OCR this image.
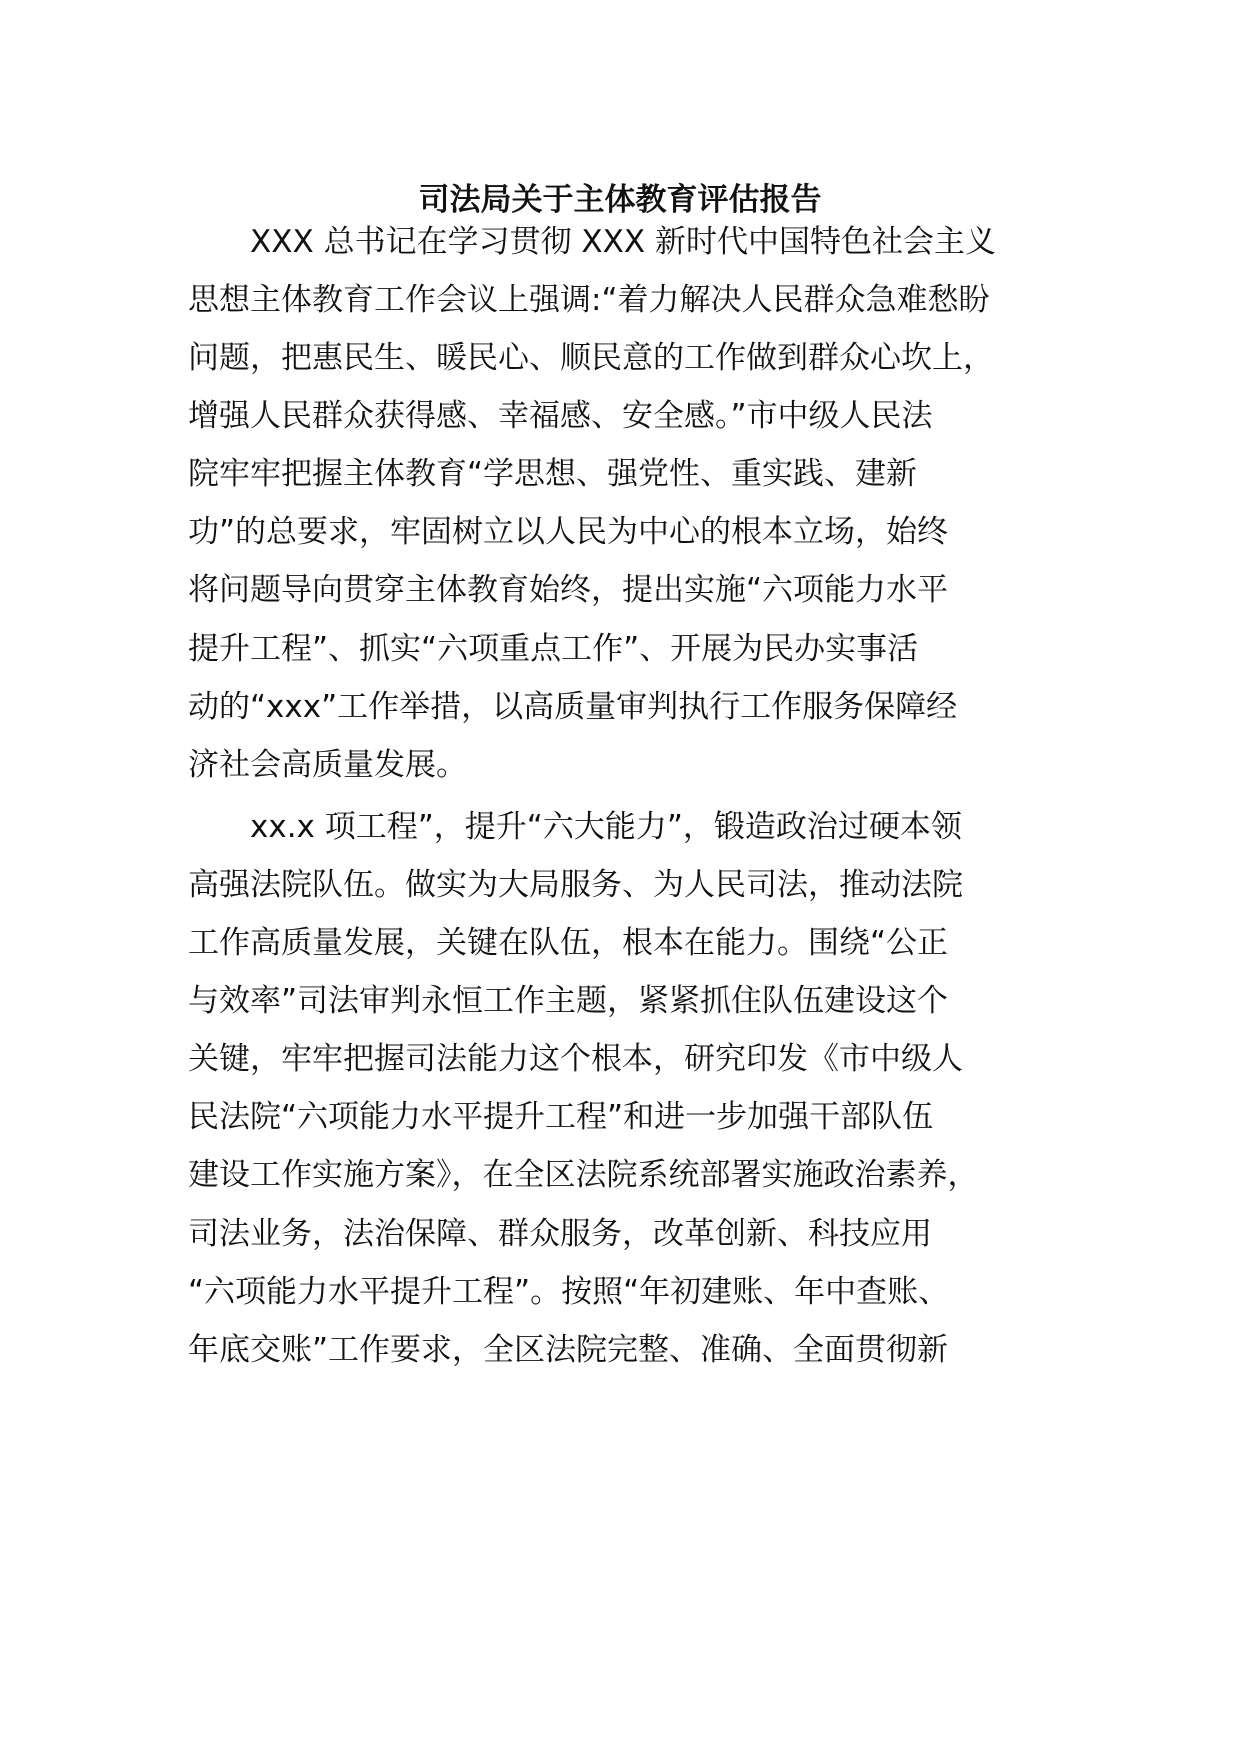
司法局关于主体教育评估报告
　　XXX 总书记在学习贯彻 XXX 新时代中国特色社会主义
思想主体教育工作会议上强调:“着力解决人民群众急难愁盼
问题，把惠民生、暖民心、顺民意的工作做到群众心坎上，
增强人民群众获得感、幸福感、安全感。”市中级人民法
院牢牢把握主体教育“学思想、强党性、重实践、建新
功”的总要求，牢固树立以人民为中心的根本立场，始终
将问题导向贯穿主体教育始终，提出实施“六项能力水平
提升工程”、抓实“六项重点工作”、开展为民办实事活
动的“xxx”工作举措，以高质量审判执行工作服务保障经
济社会高质量发展。
　　xx.x 项工程”，提升“六大能力”，锻造政治过硬本领
高强法院队伍。做实为大局服务、为人民司法，推动法院
工作高质量发展，关键在队伍，根本在能力。围绕“公正
与效率”司法审判永恒工作主题，紧紧抓住队伍建设这个
关键，牢牢把握司法能力这个根本，研究印发《市中级人
民法院“六项能力水平提升工程”和进一步加强干部队伍
建设工作实施方案》，在全区法院系统部署实施政治素养，
司法业务，法治保障、群众服务，改革创新、科技应用
“六项能力水平提升工程”。按照“年初建账、年中查账、
年底交账”工作要求，全区法院完整、准确、全面贯彻新
